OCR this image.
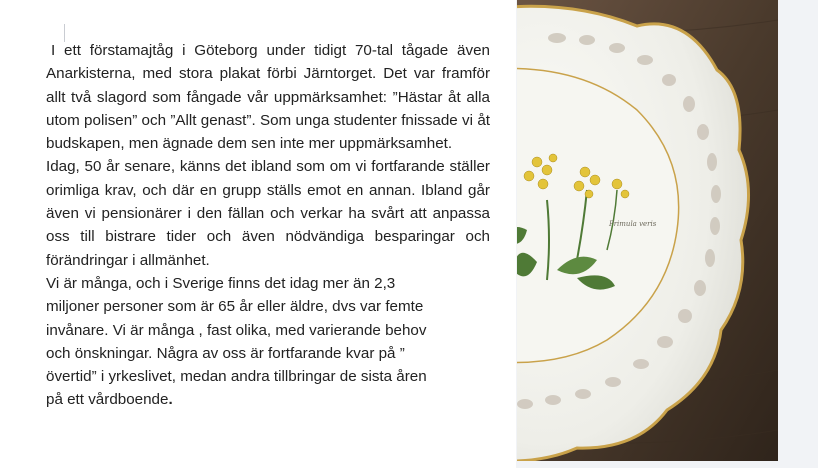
I ett förstamajtåg i Göteborg under tidigt 70-tal tågade även Anarkisterna, med stora plakat förbi Järntorget. Det var framför allt två slagord som fångade vår uppmärksamhet: ”Hästar åt alla utom polisen” och ”Allt genast”. Som unga studenter fnissade vi åt budskapen, men ägnade dem sen inte mer uppmärksamhet.

Idag, 50 år senare, känns det ibland som om vi fortfarande ställer orimliga krav, och där en grupp ställs emot en annan. Ibland går även vi pensionärer i den fällan och verkar ha svårt att anpassa oss till bistrare tider och även nödvändiga besparingar och förändringar i allmänhet.

Vi är många, och i Sverige finns det idag mer än 2,3
miljoner personer som är 65 år eller äldre, dvs var femte
invånare. Vi är många , fast olika, med varierande behov
och önskningar. Några av oss är fortfarande kvar på ”
övertid” i yrkeslivet, medan andra tillbringar de sista åren
på ett vårdboende.

Primula veris
